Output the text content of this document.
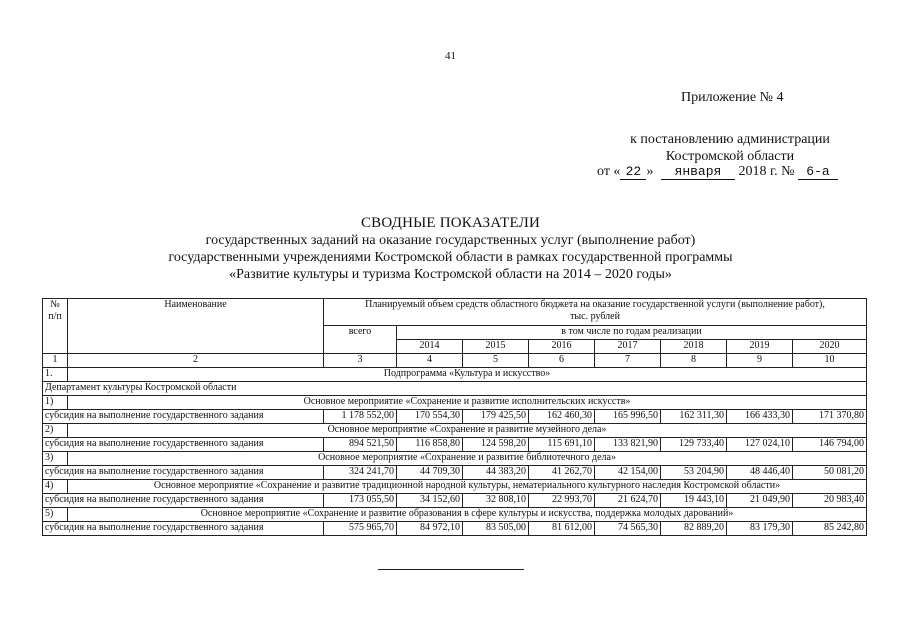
41
Приложение № 4
к постановлению администрации
Костромской области
от « 22 » января 2018 г. № 6-а
СВОДНЫЕ ПОКАЗАТЕЛИ
государственных заданий на оказание государственных услуг (выполнение работ)
государственными учреждениями Костромской области в рамках государственной программы
«Развитие культуры и туризма Костромской области на 2014 – 2020 годы»
№ п/п	Наименование	Планируемый объем средств областного бюджета на оказание государственной услуги (выполнение работ),
тыс. рублей							
		всего	в том числе по годам реализации						
			2014	2015	2016	2017	2018	2019	2020
1	2	3	4	5	6	7	8	9	10
1.	Подпрограмма «Культура и искусство»								
Департамент культуры Костромской области									
1)	Основное мероприятие «Сохранение и развитие исполнительских искусств»								
субсидия на выполнение государственного задания		1 178 552,00	170 554,30	179 425,50	162 460,30	165 996,50	162 311,30	166 433,30	171 370,80
2)	Основное мероприятие «Сохранение и развитие музейного дела»								
субсидия на выполнение государственного задания		894 521,50	116 858,80	124 598,20	115 691,10	133 821,90	129 733,40	127 024,10	146 794,00
3)	Основное мероприятие «Сохранение и развитие библиотечного дела»								
субсидия на выполнение государственного задания		324 241,70	44 709,30	44 383,20	41 262,70	42 154,00	53 204,90	48 446,40	50 081,20
4)	Основное мероприятие «Сохранение и развитие традиционной народной культуры, нематериального культурного наследия Костромской области»								
субсидия на выполнение государственного задания		173 055,50	34 152,60	32 808,10	22 993,70	21 624,70	19 443,10	21 049,90	20 983,40
5)	Основное мероприятие «Сохранение и развитие образования в сфере культуры и искусства, поддержка молодых дарований»								
субсидия на выполнение государственного задания		575 965,70	84 972,10	83 505,00	81 612,00	74 565,30	82 889,20	83 179,30	85 242,80
